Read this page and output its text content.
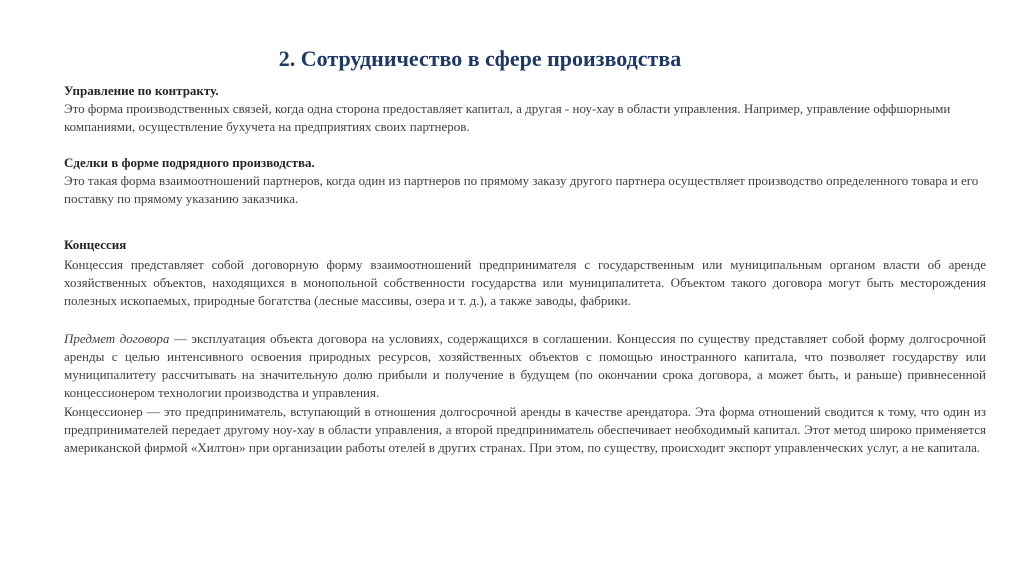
2. Сотрудничество в сфере производства

Управление по контракту.

Это форма производственных связей, когда одна сторона предоставляет капитал, а другая - ноу-хау в области управления. Например, управление оффшорными компаниями, осуществление бухучета на предприятиях своих партнеров.

Сделки в форме подрядного производства.

Это такая форма взаимоотношений партнеров, когда один из партнеров по прямому заказу другого партнера осуществляет производство определенного товара и его поставку по прямому указанию заказчика.

Концессия

Концессия представляет собой договорную форму взаимоотношений предпринимателя с государственным или муниципальным органом власти об аренде хозяйственных объектов, находящихся в монопольной собственности государства или муниципалитета. Объектом такого договора могут быть месторождения полезных ископаемых, природные богатства (лесные массивы, озера и т. д.), а также заводы, фабрики.

Предмет договора — эксплуатация объекта договора на условиях, содержащихся в соглашении. Концессия по существу представляет собой форму долгосрочной аренды с целью интенсивного освоения природных ресурсов, хозяйственных объектов с помощью иностранного капитала, что позволяет государству или муниципалитету рассчитывать на значительную долю прибыли и получение в будущем (по окончании срока договора, а может быть, и раньше) привнесенной концессионером технологии производства и управления.

Концессионер — это предприниматель, вступающий в отношения долгосрочной аренды в качестве арендатора. Эта форма отношений сводится к тому, что один из предпринимателей передает другому ноу-хау в области управления, а второй предприниматель обеспечивает необходимый капитал. Этот метод широко применяется американской фирмой «Хилтон» при организации работы отелей в других странах. При этом, по существу, происходит экспорт управленческих услуг, а не капитала.
